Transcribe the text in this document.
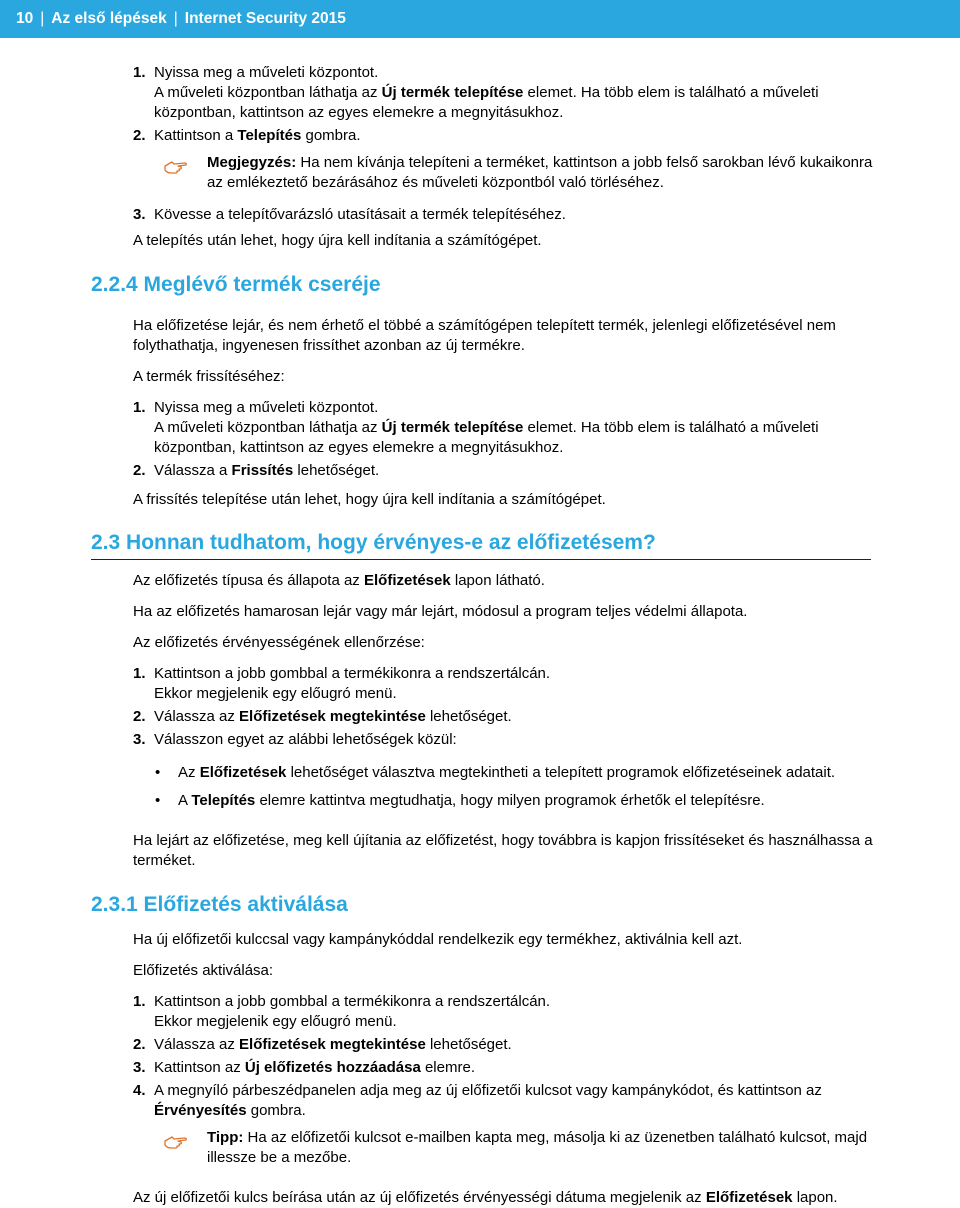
10 | Az első lépések | Internet Security 2015
1. Nyissa meg a műveleti központot.
A műveleti központban láthatja az Új termék telepítése elemet. Ha több elem is található a műveleti központban, kattintson az egyes elemekre a megnyitásukhoz.
2. Kattintson a Telepítés gombra.
Megjegyzés: Ha nem kívánja telepíteni a terméket, kattintson a jobb felső sarokban lévő kukaikonra az emlékeztető bezárásához és műveleti központból való törléséhez.
3. Kövesse a telepítővarázsló utasításait a termék telepítéséhez.

A telepítés után lehet, hogy újra kell indítania a számítógépet.

2.2.4 Meglévő termék cseréje

Ha előfizetése lejár, és nem érhető el többé a számítógépen telepített termék, jelenlegi előfizetésével nem folythathatja, ingyenesen frissíthet azonban az új termékre.

A termék frissítéséhez:

1. Nyissa meg a műveleti központot.
A műveleti központban láthatja az Új termék telepítése elemet. Ha több elem is található a műveleti központban, kattintson az egyes elemekre a megnyitásukhoz.
2. Válassza a Frissítés lehetőséget.

A frissítés telepítése után lehet, hogy újra kell indítania a számítógépet.

2.3 Honnan tudhatom, hogy érvényes-e az előfizetésem?

Az előfizetés típusa és állapota az Előfizetések lapon látható.

Ha az előfizetés hamarosan lejár vagy már lejárt, módosul a program teljes védelmi állapota.

Az előfizetés érvényességének ellenőrzése:

1. Kattintson a jobb gombbal a termékikonra a rendszertálcán.
Ekkor megjelenik egy előugró menü.
2. Válassza az Előfizetések megtekintése lehetőséget.
3. Válasszon egyet az alábbi lehetőségek közül:
• Az Előfizetések lehetőséget választva megtekintheti a telepített programok előfizetéseinek adatait.
• A Telepítés elemre kattintva megtudhatja, hogy milyen programok érhetők el telepítésre.

Ha lejárt az előfizetése, meg kell újítania az előfizetést, hogy továbbra is kapjon frissítéseket és használhassa a terméket.

2.3.1 Előfizetés aktiválása

Ha új előfizetői kulccsal vagy kampánykóddal rendelkezik egy termékhez, aktiválnia kell azt.

Előfizetés aktiválása:

1. Kattintson a jobb gombbal a termékikonra a rendszertálcán.
Ekkor megjelenik egy előugró menü.
2. Válassza az Előfizetések megtekintése lehetőséget.
3. Kattintson az Új előfizetés hozzáadása elemre.
4. A megnyíló párbeszédpanelen adja meg az új előfizetői kulcsot vagy kampánykódot, és kattintson az Érvényesítés gombra.
Tipp: Ha az előfizetői kulcsot e-mailben kapta meg, másolja ki az üzenetben található kulcsot, majd illessze be a mezőbe.

Az új előfizetői kulcs beírása után az új előfizetés érvényességi dátuma megjelenik az Előfizetések lapon.
